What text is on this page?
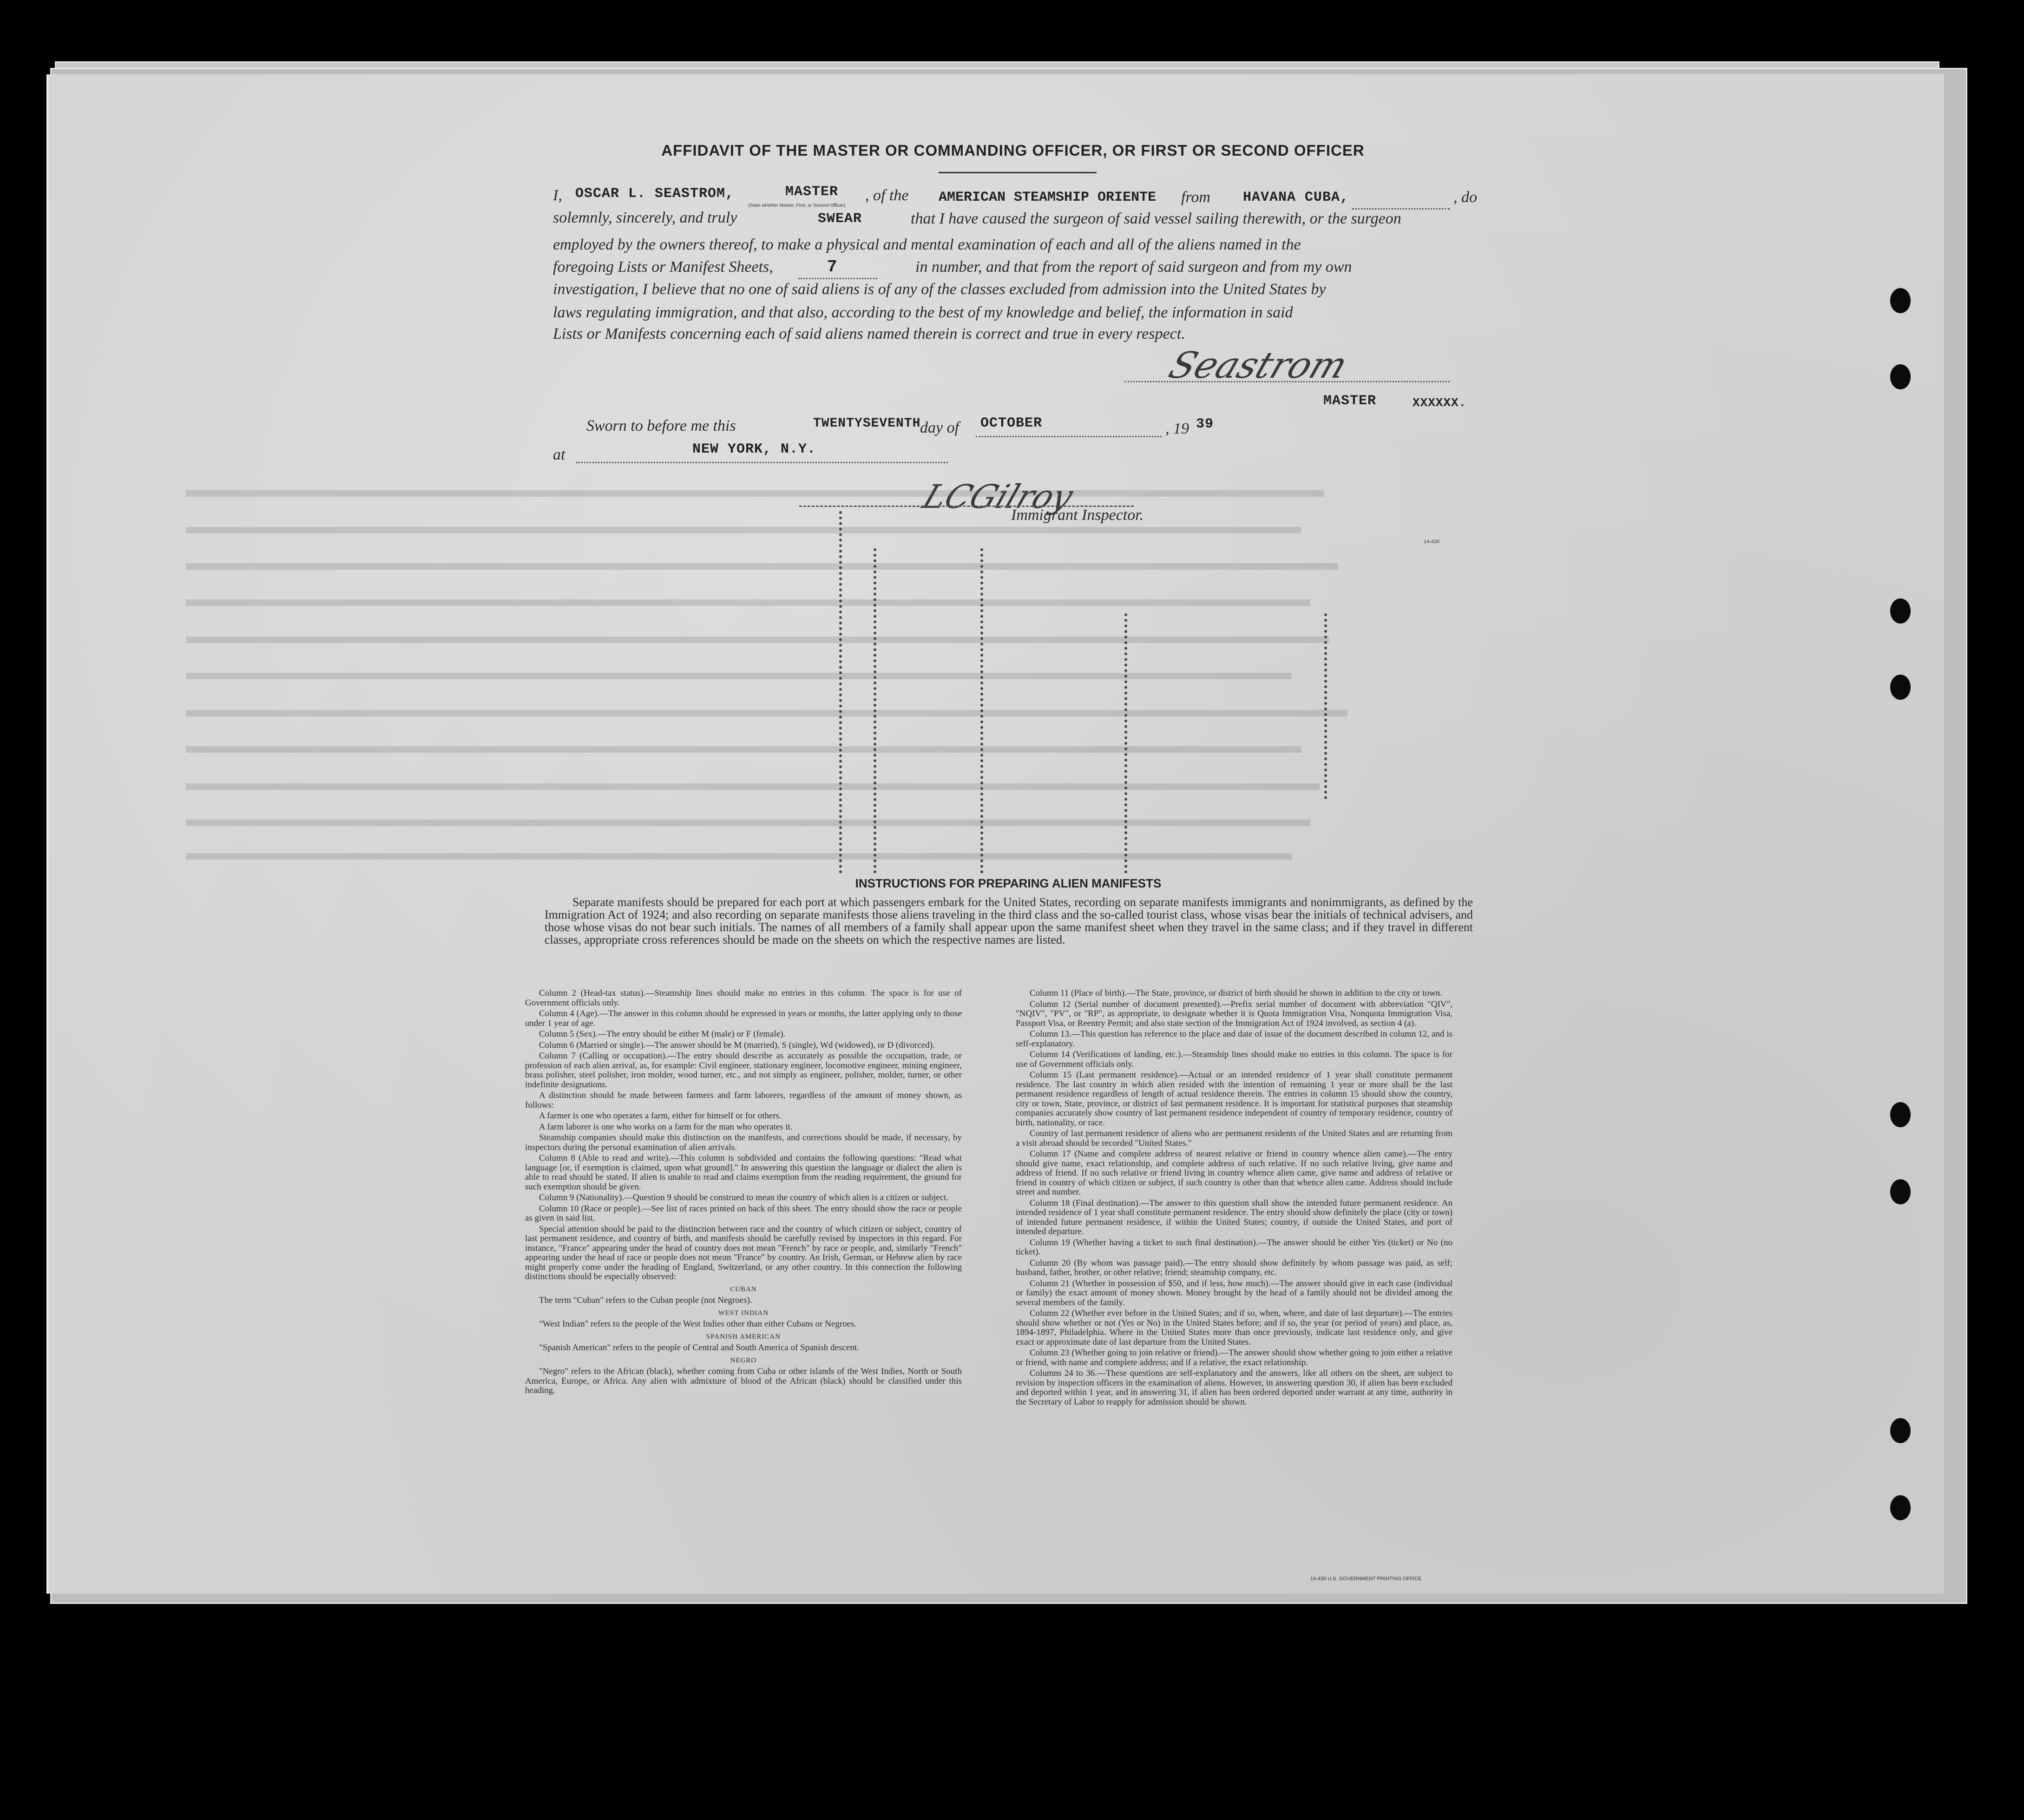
AFFIDAVIT OF THE MASTER OR COMMANDING OFFICER, OR FIRST OR SECOND OFFICER
I, OSCAR L. SEASTROM,	MASTER
(State whether Master, First, or Second Officer)
, of the AMERICAN STEAMSHIP ORIENTE from HAVANA CUBA,	, do
solemnly, sincerely, and truly	SWEAR	that I have caused the surgeon of said vessel sailing therewith, or the surgeon
employed by the owners thereof, to make a physical and mental examination of each and all of the aliens named in the
foregoing Lists or Manifest Sheets,	7	in number, and that from the report of said surgeon and from my own
investigation, I believe that no one of said aliens is of any of the classes excluded from admission into the United States by
laws regulating immigration, and that also, according to the best of my knowledge and belief, the information in said
Lists or Manifests concerning each of said aliens named therein is correct and true in every respect.
Seastrom
MASTER	XXXXXX.
Sworn to before me this	TWENTYSEVENTH
day of OCTOBER	, 19 39
at	NEW YORK, N.Y.
LCGilroy
Immigrant Inspector.
14-430
INSTRUCTIONS FOR PREPARING ALIEN MANIFESTS
Separate manifests should be prepared for each port at which passengers embark for the United States, recording on separate manifests immigrants and nonimmigrants, as defined by the Immigration Act of 1924; and also recording on separate manifests those aliens traveling in the third class and the so-called tourist class, whose visas bear the initials of technical advisers, and those whose visas do not bear such initials. The names of all members of a family shall appear upon the same manifest sheet when they travel in the same class; and if they travel in different classes, appropriate cross references should be made on the sheets on which the respective names are listed.

Column 2 (Head-tax status).—Steamship lines should make no entries in this column. The space is for use of Government officials only.

Column 4 (Age).—The answer in this column should be expressed in years or months, the latter applying only to those under 1 year of age.

Column 5 (Sex).—The entry should be either M (male) or F (female).

Column 6 (Married or single).—The answer should be M (married), S (single), Wd (widowed), or D (divorced).

Column 7 (Calling or occupation).—The entry should describe as accurately as possible the occupation, trade, or profession of each alien arrival, as, for example: Civil engineer, stationary engineer, locomotive engineer, mining engineer, brass polisher, steel polisher, iron molder, wood turner, etc., and not simply as engineer, polisher, molder, turner, or other indefinite designations.

A distinction should be made between farmers and farm laborers, regardless of the amount of money shown, as follows:

A farmer is one who operates a farm, either for himself or for others.

A farm laborer is one who works on a farm for the man who operates it.

Steamship companies should make this distinction on the manifests, and corrections should be made, if necessary, by inspectors during the personal examination of alien arrivals.

Column 8 (Able to read and write).—This column is subdivided and contains the following questions: "Read what language [or, if exemption is claimed, upon what ground]." In answering this question the language or dialect the alien is able to read should be stated. If alien is unable to read and claims exemption from the reading requirement, the ground for such exemption should be given.

Column 9 (Nationality).—Question 9 should be construed to mean the country of which alien is a citizen or subject.

Column 10 (Race or people).—See list of races printed on back of this sheet. The entry should show the race or people as given in said list.

Special attention should be paid to the distinction between race and the country of which citizen or subject, country of last permanent residence, and country of birth, and manifests should be carefully revised by inspectors in this regard. For instance, "France" appearing under the head of country does not mean "French" by race or people, and, similarly "French" appearing under the head of race or people does not mean "France" by country. An Irish, German, or Hebrew alien by race might properly come under the heading of England, Switzerland, or any other country. In this connection the following distinctions should be especially observed:

CUBAN

The term "Cuban" refers to the Cuban people (not Negroes).

WEST INDIAN

"West Indian" refers to the people of the West Indies other than either Cubans or Negroes.

SPANISH AMERICAN

"Spanish American" refers to the people of Central and South America of Spanish descent.

NEGRO

"Negro" refers to the African (black), whether coming from Cuba or other islands of the West Indies, North or South America, Europe, or Africa. Any alien with admixture of blood of the African (black) should be classified under this heading.

Column 11 (Place of birth).—The State, province, or district of birth should be shown in addition to the city or town.

Column 12 (Serial number of document presented).—Prefix serial number of document with abbreviation "QIV", "NQIV", "PV", or "RP", as appropriate, to designate whether it is Quota Immigration Visa, Nonquota Immigration Visa, Passport Visa, or Reentry Permit; and also state section of the Immigration Act of 1924 involved, as section 4 (a).

Column 13.—This question has reference to the place and date of issue of the document described in column 12, and is self-explanatory.

Column 14 (Verifications of landing, etc.).—Steamship lines should make no entries in this column. The space is for use of Government officials only.

Column 15 (Last permanent residence).—Actual or an intended residence of 1 year shall constitute permanent residence. The last country in which alien resided with the intention of remaining 1 year or more shall be the last permanent residence regardless of length of actual residence therein. The entries in column 15 should show the country, city or town, State, province, or district of last permanent residence. It is important for statistical purposes that steamship companies accurately show country of last permanent residence independent of country of temporary residence, country of birth, nationality, or race.

Country of last permanent residence of aliens who are permanent residents of the United States and are returning from a visit abroad should be recorded "United States."

Column 17 (Name and complete address of nearest relative or friend in country whence alien came).—The entry should give name, exact relationship, and complete address of such relative. If no such relative living, give name and address of friend. If no such relative or friend living in country whence alien came, give name and address of relative or friend in country of which citizen or subject, if such country is other than that whence alien came. Address should include street and number.

Column 18 (Final destination).—The answer to this question shall show the intended future permanent residence. An intended residence of 1 year shall constitute permanent residence. The entry should show definitely the place (city or town) of intended future permanent residence, if within the United States; country, if outside the United States, and port of intended departure.

Column 19 (Whether having a ticket to such final destination).—The answer should be either Yes (ticket) or No (no ticket).

Column 20 (By whom was passage paid).—The entry should show definitely by whom passage was paid, as self; husband, father, brother, or other relative; friend; steamship company, etc.

Column 21 (Whether in possession of $50, and if less, how much).—The answer should give in each case (individual or family) the exact amount of money shown. Money brought by the head of a family should not be divided among the several members of the family.

Column 22 (Whether ever before in the United States; and if so, when, where, and date of last departure).—The entries should show whether or not (Yes or No) in the United States before; and if so, the year (or period of years) and place, as, 1894-1897, Philadelphia. Where in the United States more than once previously, indicate last residence only, and give exact or approximate date of last departure from the United States.

Column 23 (Whether going to join relative or friend).—The answer should show whether going to join either a relative or friend, with name and complete address; and if a relative, the exact relationship.

Columns 24 to 36.—These questions are self-explanatory and the answers, like all others on the sheet, are subject to revision by inspection officers in the examination of aliens. However, in answering question 30, if alien has been excluded and deported within 1 year, and in answering 31, if alien has been ordered deported under warrant at any time, authority in the Secretary of Labor to reapply for admission should be shown.

14-430 U.S. GOVERNMENT PRINTING OFFICE
